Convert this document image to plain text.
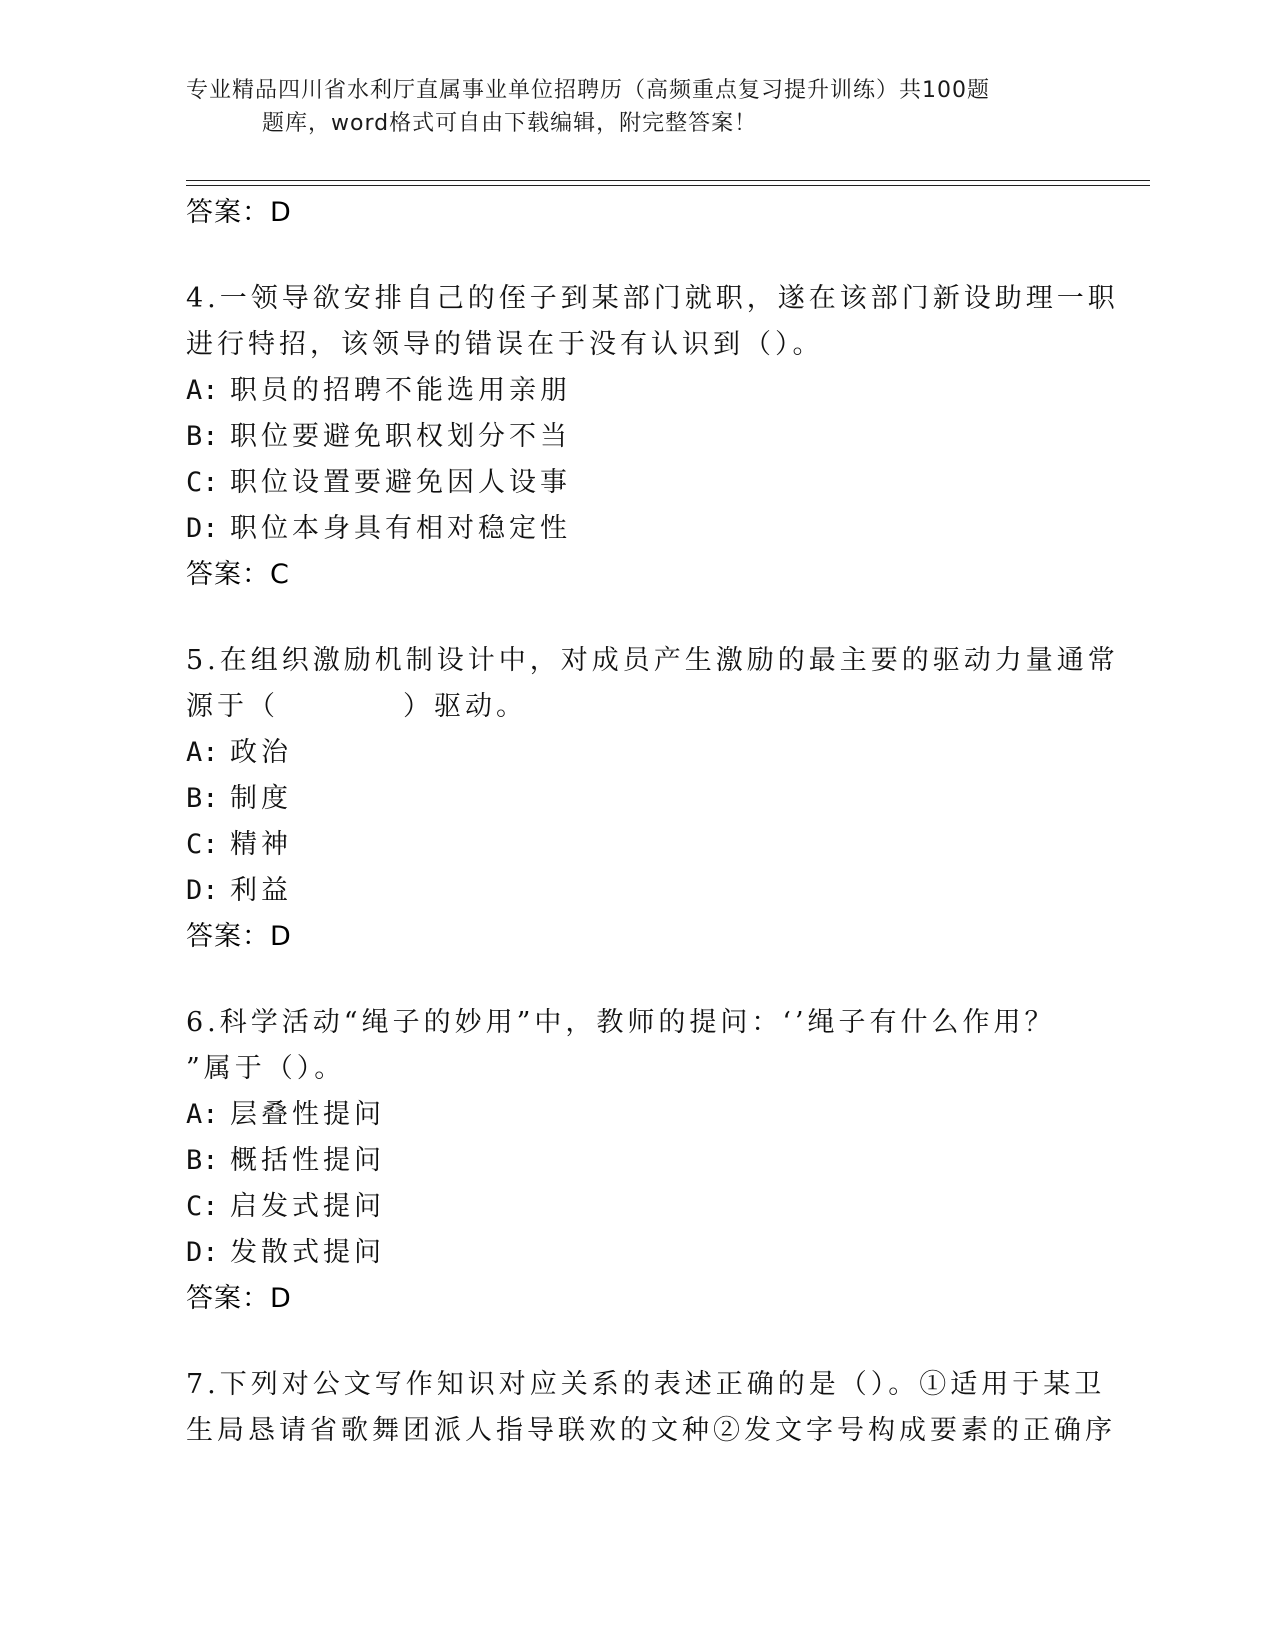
专业精品四川省水利厅直属事业单位招聘历（高频重点复习提升训练）共100题
题库，word格式可自由下载编辑，附完整答案！
答案：D
4.一领导欲安排自己的侄子到某部门就职，遂在该部门新设助理一职
进行特招，该领导的错误在于没有认识到（）。
A: 职员的招聘不能选用亲朋
B: 职位要避免职权划分不当
C: 职位设置要避免因人设事
D: 职位本身具有相对稳定性
答案：C
5.在组织激励机制设计中，对成员产生激励的最主要的驱动力量通常
源于（　　　　）驱动。
A: 政治
B: 制度
C: 精神
D: 利益
答案：D
6.科学活动“绳子的妙用”中，教师的提问：‘’绳子有什么作用？
”属于（）。
A: 层叠性提问
B: 概括性提问
C: 启发式提问
D: 发散式提问
答案：D
7.下列对公文写作知识对应关系的表述正确的是（）。①适用于某卫
生局恳请省歌舞团派人指导联欢的文种②发文字号构成要素的正确序
